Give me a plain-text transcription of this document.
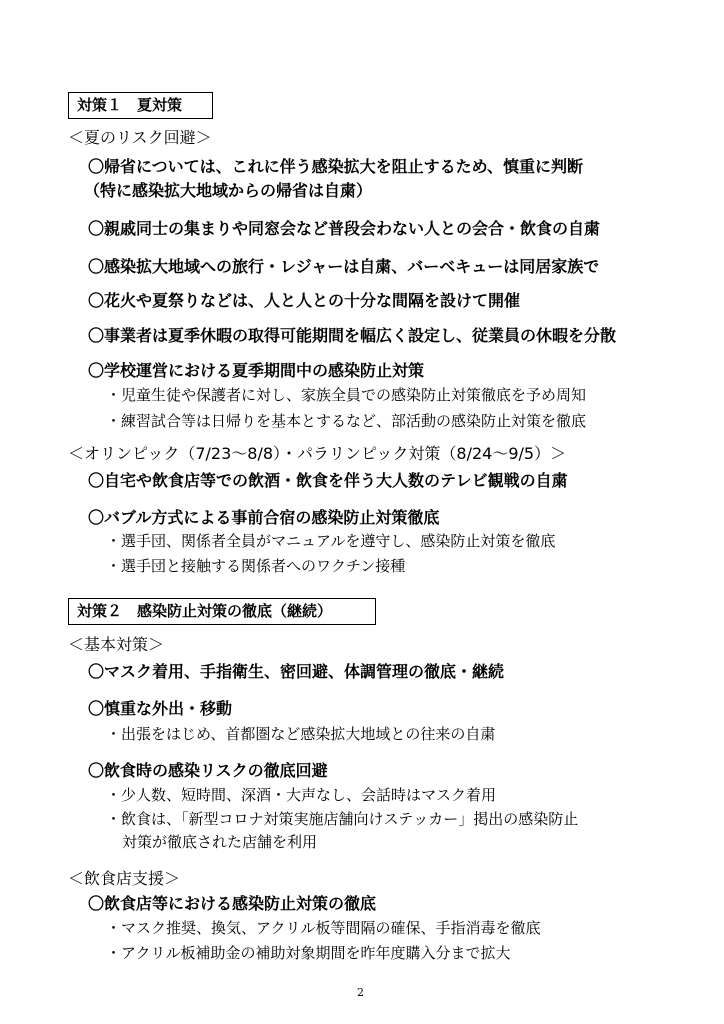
対策１　夏対策
＜夏のリスク回避＞
〇帰省については、これに伴う感染拡大を阻止するため、慎重に判断
（特に感染拡大地域からの帰省は自粛）
〇親戚同士の集まりや同窓会など普段会わない人との会合・飲食の自粛
〇感染拡大地域への旅行・レジャーは自粛、バーベキューは同居家族で
〇花火や夏祭りなどは、人と人との十分な間隔を設けて開催
〇事業者は夏季休暇の取得可能期間を幅広く設定し、従業員の休暇を分散
〇学校運営における夏季期間中の感染防止対策
・児童生徒や保護者に対し、家族全員での感染防止対策徹底を予め周知
・練習試合等は日帰りを基本とするなど、部活動の感染防止対策を徹底
＜オリンピック（7/23～8/8）・パラリンピック対策（8/24～9/5）＞
〇自宅や飲食店等での飲酒・飲食を伴う大人数のテレビ観戦の自粛
〇バブル方式による事前合宿の感染防止対策徹底
・選手団、関係者全員がマニュアルを遵守し、感染防止対策を徹底
・選手団と接触する関係者へのワクチン接種
対策２　感染防止対策の徹底（継続）
＜基本対策＞
〇マスク着用、手指衛生、密回避、体調管理の徹底・継続
〇慎重な外出・移動
・出張をはじめ、首都圏など感染拡大地域との往来の自粛
〇飲食時の感染リスクの徹底回避
・少人数、短時間、深酒・大声なし、会話時はマスク着用
・飲食は、「新型コロナ対策実施店舗向けステッカー」掲出の感染防止
対策が徹底された店舗を利用
＜飲食店支援＞
〇飲食店等における感染防止対策の徹底
・マスク推奨、換気、アクリル板等間隔の確保、手指消毒を徹底
・アクリル板補助金の補助対象期間を昨年度購入分まで拡大
2
